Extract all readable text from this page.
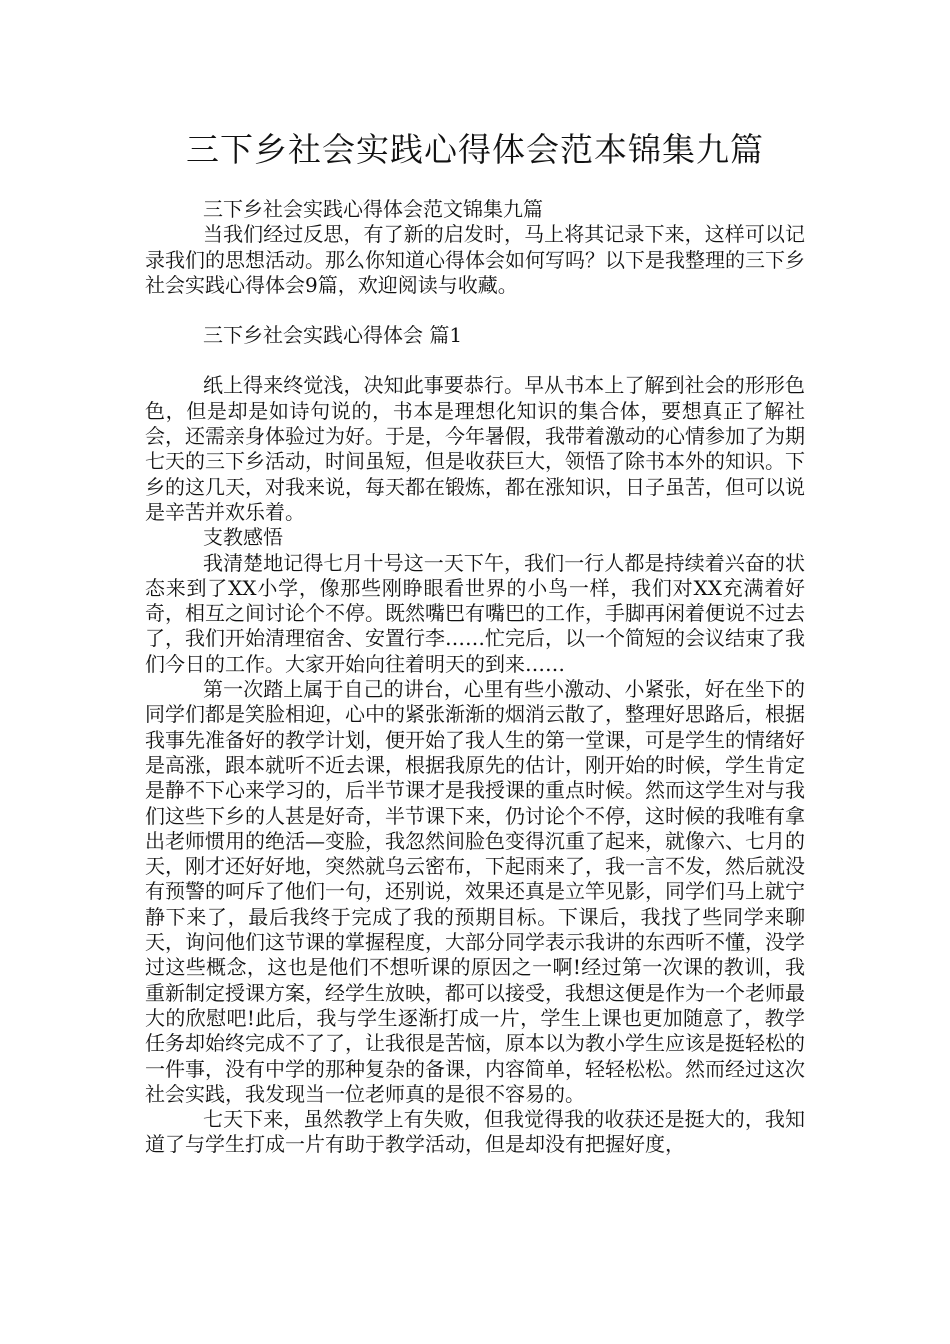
三下乡社会实践心得体会范本锦集九篇

三下乡社会实践心得体会范文锦集九篇

当我们经过反思，有了新的启发时，马上将其记录下来，这样可以记录我们的思想活动。那么你知道心得体会如何写吗？以下是我整理的三下乡社会实践心得体会9篇，欢迎阅读与收藏。

三下乡社会实践心得体会 篇1

纸上得来终觉浅，决知此事要恭行。早从书本上了解到社会的形形色色，但是却是如诗句说的，书本是理想化知识的集合体，要想真正了解社会，还需亲身体验过为好。于是，今年暑假，我带着激动的心情参加了为期七天的三下乡活动，时间虽短，但是收获巨大，领悟了除书本外的知识。下乡的这几天，对我来说，每天都在锻炼，都在涨知识，日子虽苦，但可以说是辛苦并欢乐着。

支教感悟

我清楚地记得七月十号这一天下午，我们一行人都是持续着兴奋的状态来到了XX小学，像那些刚睁眼看世界的小鸟一样，我们对XX充满着好奇，相互之间讨论个不停。既然嘴巴有嘴巴的工作，手脚再闲着便说不过去了，我们开始清理宿舍、安置行李……忙完后，以一个简短的会议结束了我们今日的工作。大家开始向往着明天的到来……

第一次踏上属于自己的讲台，心里有些小激动、小紧张，好在坐下的同学们都是笑脸相迎，心中的紧张渐渐的烟消云散了，整理好思路后，根据我事先准备好的教学计划，便开始了我人生的第一堂课，可是学生的情绪好是高涨，跟本就听不近去课，根据我原先的估计，刚开始的时候，学生肯定是静不下心来学习的，后半节课才是我授课的重点时候。然而这学生对与我们这些下乡的人甚是好奇，半节课下来，仍讨论个不停，这时候的我唯有拿出老师惯用的绝活—变脸，我忽然间脸色变得沉重了起来，就像六、七月的天，刚才还好好地，突然就乌云密布，下起雨来了，我一言不发，然后就没有预警的呵斥了他们一句，还别说，效果还真是立竿见影，同学们马上就宁静下来了，最后我终于完成了我的预期目标。下课后，我找了些同学来聊天，询问他们这节课的掌握程度，大部分同学表示我讲的东西听不懂，没学过这些概念，这也是他们不想听课的原因之一啊!经过第一次课的教训，我重新制定授课方案，经学生放映，都可以接受，我想这便是作为一个老师最大的欣慰吧!此后，我与学生逐渐打成一片，学生上课也更加随意了，教学任务却始终完成不了了，让我很是苦恼，原本以为教小学生应该是挺轻松的一件事，没有中学的那种复杂的备课，内容简单，轻轻松松。然而经过这次社会实践，我发现当一位老师真的是很不容易的。

七天下来，虽然教学上有失败，但我觉得我的收获还是挺大的，我知道了与学生打成一片有助于教学活动，但是却没有把握好度，
